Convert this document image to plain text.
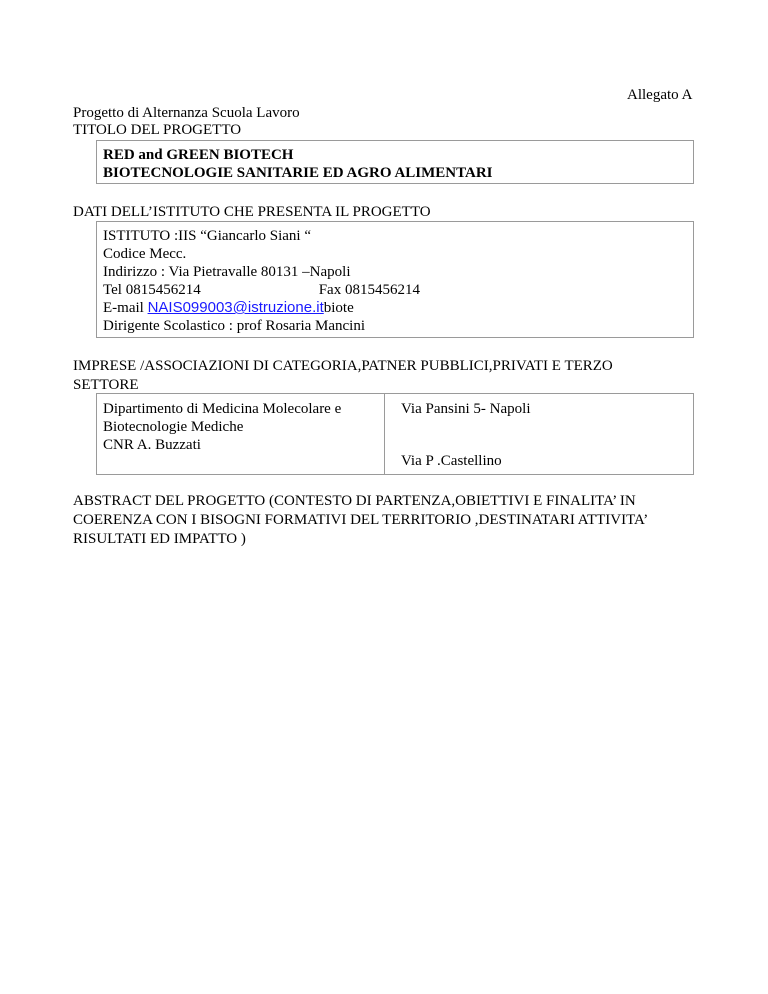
Allegato A
Progetto di Alternanza Scuola Lavoro
TITOLO DEL PROGETTO
RED and GREEN BIOTECH
BIOTECNOLOGIE SANITARIE ED AGRO ALIMENTARI
DATI DELL’ISTITUTO CHE PRESENTA IL PROGETTO
ISTITUTO :IIS “Giancarlo Siani “
Codice Mecc.
Indirizzo : Via Pietravalle 80131 –Napoli
Tel 0815456214	Fax 0815456214
E-mail NAIS099003@istruzione.itbiote
Dirigente Scolastico : prof Rosaria Mancini
IMPRESE /ASSOCIAZIONI DI CATEGORIA,PATNER PUBBLICI,PRIVATI E TERZO
SETTORE
Dipartimento di Medicina Molecolare e
Biotecnologie Mediche
CNR A. Buzzati
Via Pansini 5- Napoli
Via P .Castellino
ABSTRACT DEL PROGETTO (CONTESTO DI PARTENZA,OBIETTIVI E FINALITA’ IN
COERENZA CON I BISOGNI FORMATIVI DEL TERRITORIO ,DESTINATARI ATTIVITA’
RISULTATI ED IMPATTO )
